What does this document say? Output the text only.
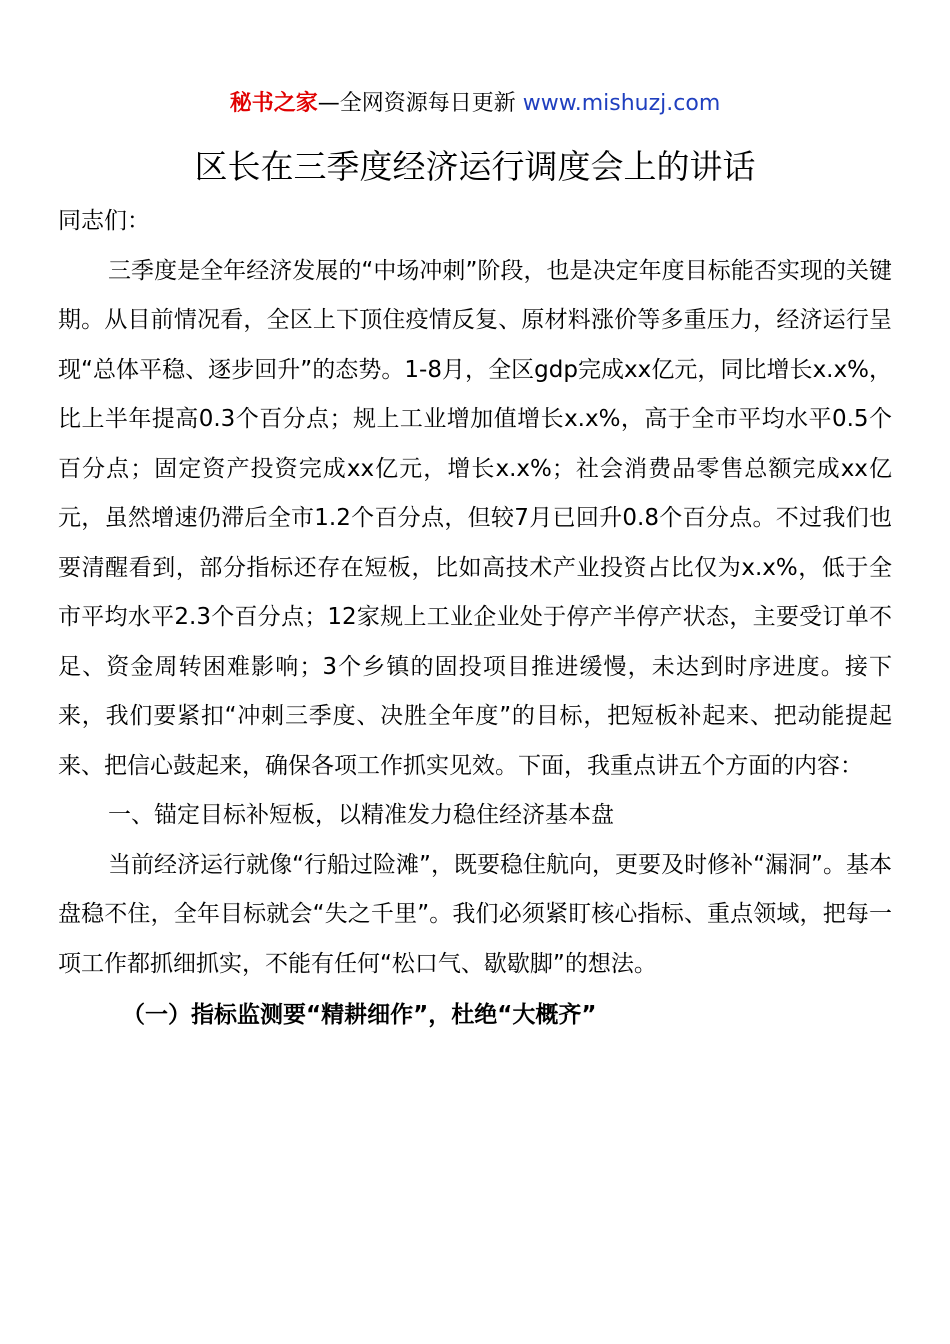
秘书之家—全网资源每日更新 www.mishuzj.com
区长在三季度经济运行调度会上的讲话

同志们：

三季度是全年经济发展的“中场冲刺”阶段，也是决定年度目标能否实现的关键期。从目前情况看，全区上下顶住疫情反复、原材料涨价等多重压力，经济运行呈现“总体平稳、逐步回升”的态势。1-8月，全区gdp完成xx亿元，同比增长x.x%，比上半年提高0.3个百分点；规上工业增加值增长x.x%，高于全市平均水平0.5个百分点；固定资产投资完成xx亿元，增长x.x%；社会消费品零售总额完成xx亿元，虽然增速仍滞后全市1.2个百分点，但较7月已回升0.8个百分点。不过我们也要清醒看到，部分指标还存在短板，比如高技术产业投资占比仅为x.x%，低于全市平均水平2.3个百分点；12家规上工业企业处于停产半停产状态，主要受订单不足、资金周转困难影响；3个乡镇的固投项目推进缓慢，未达到时序进度。接下来，我们要紧扣“冲刺三季度、决胜全年度”的目标，把短板补起来、把动能提起来、把信心鼓起来，确保各项工作抓实见效。下面，我重点讲五个方面的内容：

一、锚定目标补短板，以精准发力稳住经济基本盘

当前经济运行就像“行船过险滩”，既要稳住航向，更要及时修补“漏洞”。基本盘稳不住，全年目标就会“失之千里”。我们必须紧盯核心指标、重点领域，把每一项工作都抓细抓实，不能有任何“松口气、歇歇脚”的想法。

（一）指标监测要“精耕细作”，杜绝“大概齐”
